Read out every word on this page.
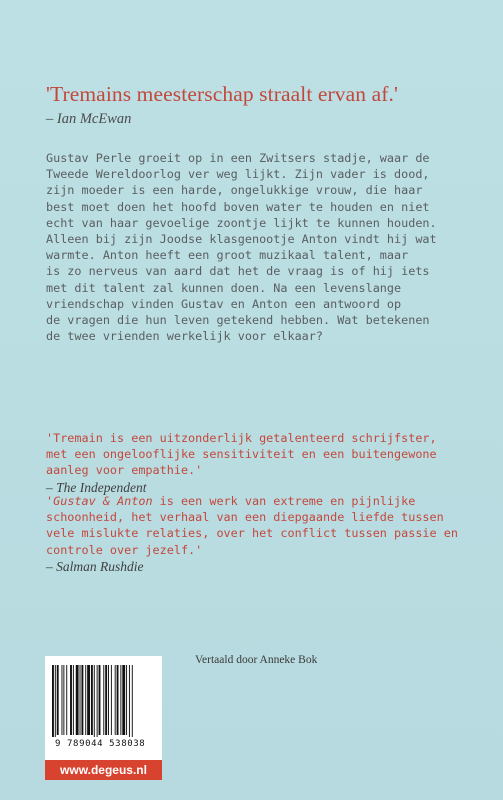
'Tremains meesterschap straalt ervan af.'
– Ian McEwan
Gustav Perle groeit op in een Zwitsers stadje, waar de
Tweede Wereldoorlog ver weg lijkt. Zijn vader is dood,
zijn moeder is een harde, ongelukkige vrouw, die haar
best moet doen het hoofd boven water te houden en niet
echt van haar gevoelige zoontje lijkt te kunnen houden.
Alleen bij zijn Joodse klasgenootje Anton vindt hij wat
warmte. Anton heeft een groot muzikaal talent, maar
is zo nerveus van aard dat het de vraag is of hij iets
met dit talent zal kunnen doen. Na een levenslange
vriendschap vinden Gustav en Anton een antwoord op
de vragen die hun leven getekend hebben. Wat betekenen
de twee vrienden werkelijk voor elkaar?
'Tremain is een uitzonderlijk getalenteerd schrijfster,
met een ongelooflijke sensitiviteit en een buitengewone
aanleg voor empathie.'
– The Independent
'Gustav & Anton is een werk van extreme en pijnlijke
schoonheid, het verhaal van een diepgaande liefde tussen
vele mislukte relaties, over het conflict tussen passie en
controle over jezelf.'
– Salman Rushdie
Vertaald door Anneke Bok
9 789044 538038
www.degeus.nl
